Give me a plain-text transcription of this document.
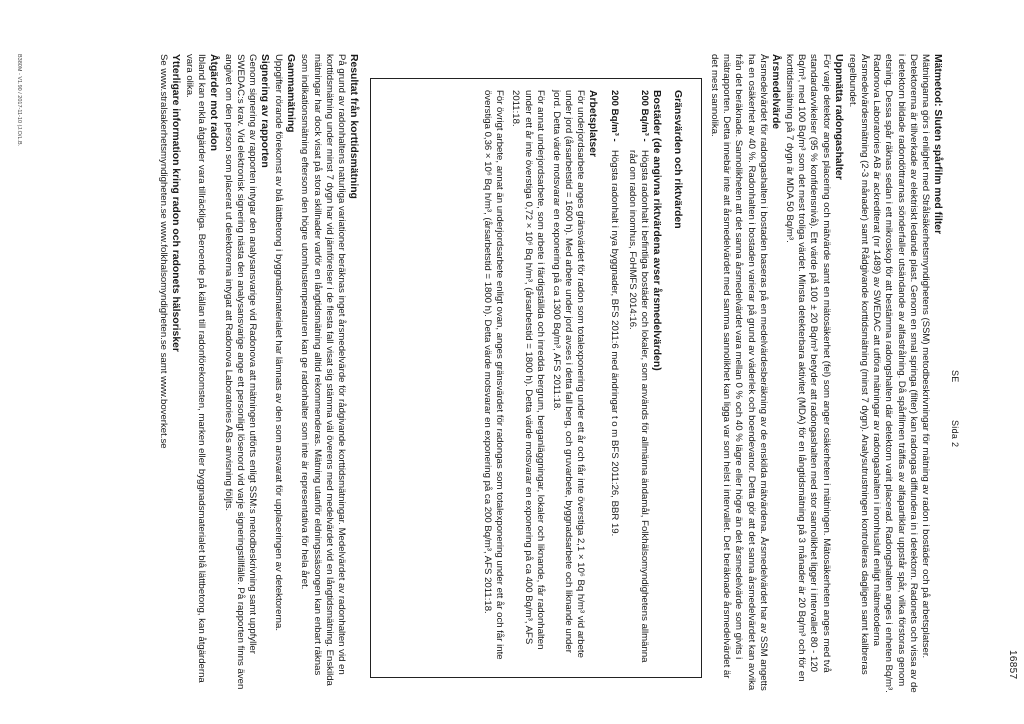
16857
SE
Sida 2
Mätmetod: Sluten spårfilm med filter

Mätningarna görs i enlighet med Strålsäkerhetsmyndighetens (SSM) metodbeskrivningar för mätning av radon i bostäder och på arbetsplatser. Detektorerna är tillverkade av elektriskt ledande plast. Genom en smal springa (filter) kan radongas diffundera in i detektorn. Radonets och vissa av de i detektorn bildade radondöttrarnas sönderfaller utsändande av alfastrålning. Då spårfilmen träffas av alfapartiklar uppstår spår, vilka förstoras genom etsning. Dessa spår räknas sedan i ett mikroskop för att bestämma radongshalten där detektorn varit placerad. Radongshalten anges i enheten Bq/m³. Radonova Laboratories AB är ackrediterat (nr 1489) av SWEDAC att utföra mätningar av radongashalten i inomhusluft enligt mätmetoderna Årsmedelvärdesmätning (2-3 månader) samt Rådgivande korttidsmätning (minst 7 dygn). Analysutrustningen kontrolleras dagligen samt kalibreras regelbundet.

Uppmätta radongashalter

För varje detektor anges placering och mätvärde samt en mätosäkerhet (fel) som anger osäkerheten i mätningen. Mätosäkerheten anges med två standardavvikelser (95 % konfidensnivå). Ett värde på 100 ± 20 Bq/m³ betyder att radongashalten med stor sannolikhet ligger i intervallet 80 - 120 Bq/m³, med 100 Bq/m³ som det mest troliga värdet. Minsta detekterbara aktivitet (MDA) för en långtidsmätning på 3 månader är 20 Bq/m³ och för en korttidsmätning på 7 dygn är MDA 50 Bq/m³.

Årsmedelvärde

Årsmedelvärdet för radongashalten i bostaden baseras på en medelvärdesberäkning av de enskilda mätvärdena. Årsmedelvärdet har av SSM angetts ha en osäkerhet av 40 %. Radonhalten i bostaden varierar på grund av väderlek och boendevanor. Detta gör att det sanna årsmedelvärdet kan avvika från det beräknade. Sannolikheten att det sanna årsmedelvärdet vara mellan 0 % och 40 % lägre eller högre än det årsmedelvärde som givits i mätrapporten. Detta innebär inte att årsmedelvärdet med samma sannolikhet kan ligga var som helst i intervallet. Det beräknade årsmedelvärdet är det mest sannolika.

Gränsvärden och riktvärden
Bostäder (de angivna riktvärdena avser årsmedelvärden)
200 Bq/m³ -
Högsta radonhalt i befintliga bostäder och lokaler, som används för allmänna ändamål, Folkhälsomyndighetens allmänna råd om radon inomhus, FoHMFS 2014:16.
200 Bq/m³ -
Högsta radonhalt i nya byggnader, BFS 2011:6 med ändringar t o m BFS 2011:26, BBR 19.
Arbetsplatser

För underjordsarbete anges gränsvärdet för radon som totalexponering under ett år och får inte överstiga 2,1 × 10⁶ Bq h/m³ vid arbete under jord (årsarbetstid = 1600 h). Med arbete under jord avses i detta fall berg, och gruvarbete, byggnadsarbete och liknande under jord. Detta värde motsvarar en exponering på ca 1300 Bq/m³, AFS 2011:18.

För annat underjordsarbete, som arbete i färdigställda och inredda bergrum, berganläggningar, lokaler och liknande, får radonhalten under ett år inte överstiga 0,72 × 10⁶ Bq h/m³, (årsarbetstid = 1800 h). Detta värde motsvarar en exponering på ca 400 Bq/m³, AFS 2011:18.

För övrigt arbete, annat än underjordsarbete enligt ovan, anges gränsvärdet för radongas som totalexponering under ett år och får inte överstiga 0,36 × 10⁶ Bq h/m³, (årsarbetstid = 1800 h). Detta värde motsvarar en exponering på ca 200 Bq/m³, AFS 2011:18.

Resultat från korttidsmätning

På grund av radonhaltens naturliga variationer beräknas inget årsmedelvärde för rådgivande korttidsmätningar. Medelvärdet av radonhalten vid en korttidsmätning under minst 7 dygn har vid jämförelser i de flesta fall visat sig stämma väl överens med medelvärdet vid en långtidsmätning. Enskilda mätningar har dock visat på stora skillnader varför en långtidsmätning alltid rekommenderas. Mätning utanför eldningssäsongen kan enbart räknas som indikationsmätning eftersom den högre utomhustemperaturen kan ge radonhalter som inte är representativa för hela året.

Gammamätning

Uppgifter rörande förekomst av blå lättbetong i byggnadsmaterialet har lämnats av den som ansvarat för upplaceringen av detektorerna.

Signering av rapporten

Genom signering av rapporten intygar den analysansvarige vid Radonova att mätningen utförts enligt SSM:s metodbeskrivning samt uppfyller SWEDAC:s krav. Vid elektronisk signering nästa den analysansvarige ange ett personligt lösenord vid varje signeringstillfälle. På rapporten finns även angivet om den person som placerat ut detektorerna intygat att Radonova Laboratories ABs anvisning följts.

Åtgärder mot radon

Ibland kan enkla åtgärder vara tillräckliga. Beroende på källan till radonförekomsten, marken eller byggnadsmaterialet blå lättbetong, kan åtgärderna vara olika.

Ytterligare information kring radon och radonets hälsorisker

Se www.stralsakerhetsmyndigheten.se www.folkhalsomyndigheten.se samt www.boverket.se

B380M - V1.90 / 2017-11-10 (J.O/L.B.
